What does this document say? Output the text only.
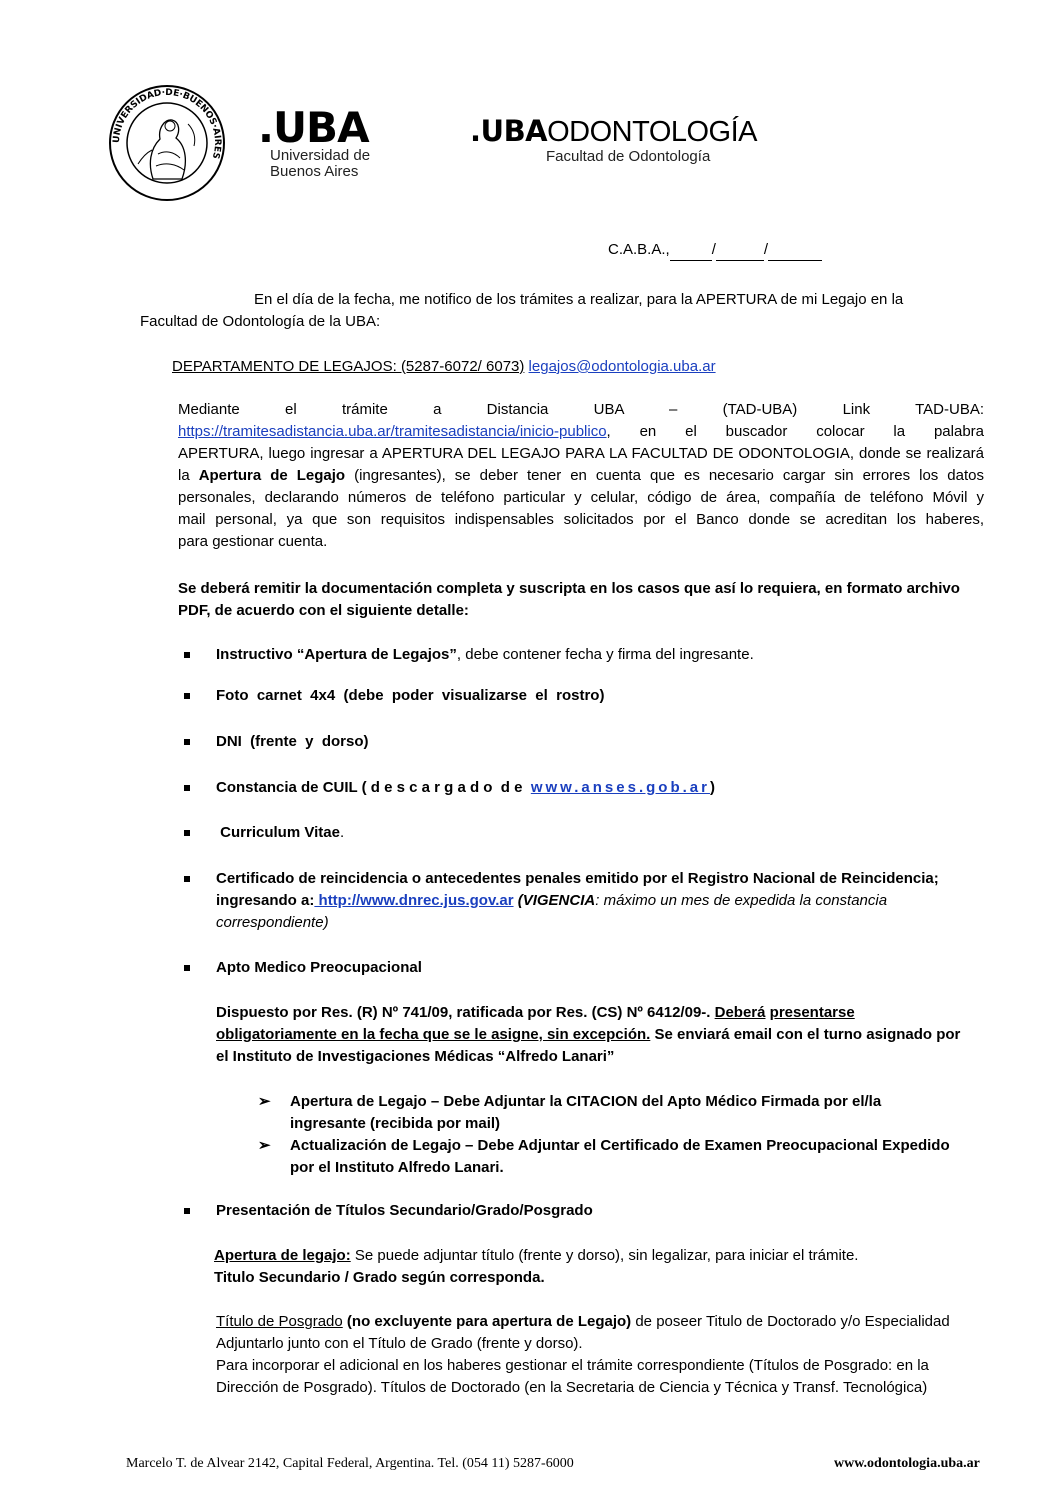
UNIVERSIDAD·DE·BUENOS·AIRES
.UBA
Universidad de
Buenos Aires
.UBAODONTOLOGÍA
Facultad de Odontología
C.A.B.A.,	/	/
En el día de la fecha, me notifico de los trámites a realizar, para la APERTURA de mi Legajo en la
Facultad de Odontología de la UBA:
DEPARTAMENTO DE LEGAJOS: (5287-6072/ 6073) legajos@odontologia.uba.ar
Mediante el trámite a Distancia UBA – (TAD-UBA) Link TAD-UBA:
https://tramitesadistancia.uba.ar/tramitesadistancia/inicio-publico, en el buscador colocar la palabra
APERTURA, luego ingresar a APERTURA DEL LEGAJO PARA LA FACULTAD DE ODONTOLOGIA, donde se realizará
la Apertura de Legajo (ingresantes), se deber tener en cuenta que es necesario cargar sin errores los datos
personales, declarando números de teléfono particular y celular, código de área, compañía de teléfono Móvil y
mail personal, ya que son requisitos indispensables solicitados por el Banco donde se acreditan los haberes,
para gestionar cuenta.
Se deberá remitir la documentación completa y suscripta en los casos que así lo requiera, en formato archivo
PDF, de acuerdo con el siguiente detalle:
Instructivo “Apertura de Legajos”, debe contener fecha y firma del ingresante.
Foto  carnet  4x4  (debe  poder  visualizarse  el  rostro)
DNI  (frente  y  dorso)
Constancia de CUIL ( d e s c a r g a d o  d e  www.anses.gob.ar)
Curriculum Vitae.
Certificado de reincidencia o antecedentes penales emitido por el Registro Nacional de Reincidencia;
ingresando a: http://www.dnrec.jus.gov.ar (VIGENCIA: máximo un mes de expedida la constancia
correspondiente)
Apto Medico Preocupacional
Dispuesto por Res. (R) Nº 741/09, ratificada por Res. (CS) Nº 6412/09-. Deberá presentarse
obligatoriamente en la fecha que se le asigne, sin excepción. Se enviará email con el turno asignado por
el Instituto de Investigaciones Médicas “Alfredo Lanari”
➢ Apertura de Legajo – Debe Adjuntar la CITACION del Apto Médico Firmada por el/la
ingresante (recibida por mail)
➢ Actualización de Legajo – Debe Adjuntar el Certificado de Examen Preocupacional Expedido
por el Instituto Alfredo Lanari.
Presentación de Títulos Secundario/Grado/Posgrado
Apertura de legajo: Se puede adjuntar título (frente y dorso), sin legalizar, para iniciar el trámite.
Titulo Secundario / Grado según corresponda.
Título de Posgrado (no excluyente para apertura de Legajo) de poseer Titulo de Doctorado y/o Especialidad
Adjuntarlo junto con el Título de Grado (frente y dorso).
Para incorporar el adicional en los haberes gestionar el trámite correspondiente (Títulos de Posgrado: en la
Dirección de Posgrado). Títulos de Doctorado (en la Secretaria de Ciencia y Técnica y Transf. Tecnológica)
Marcelo T. de Alvear 2142, Capital Federal, Argentina. Tel. (054 11) 5287-6000	www.odontologia.uba.ar
